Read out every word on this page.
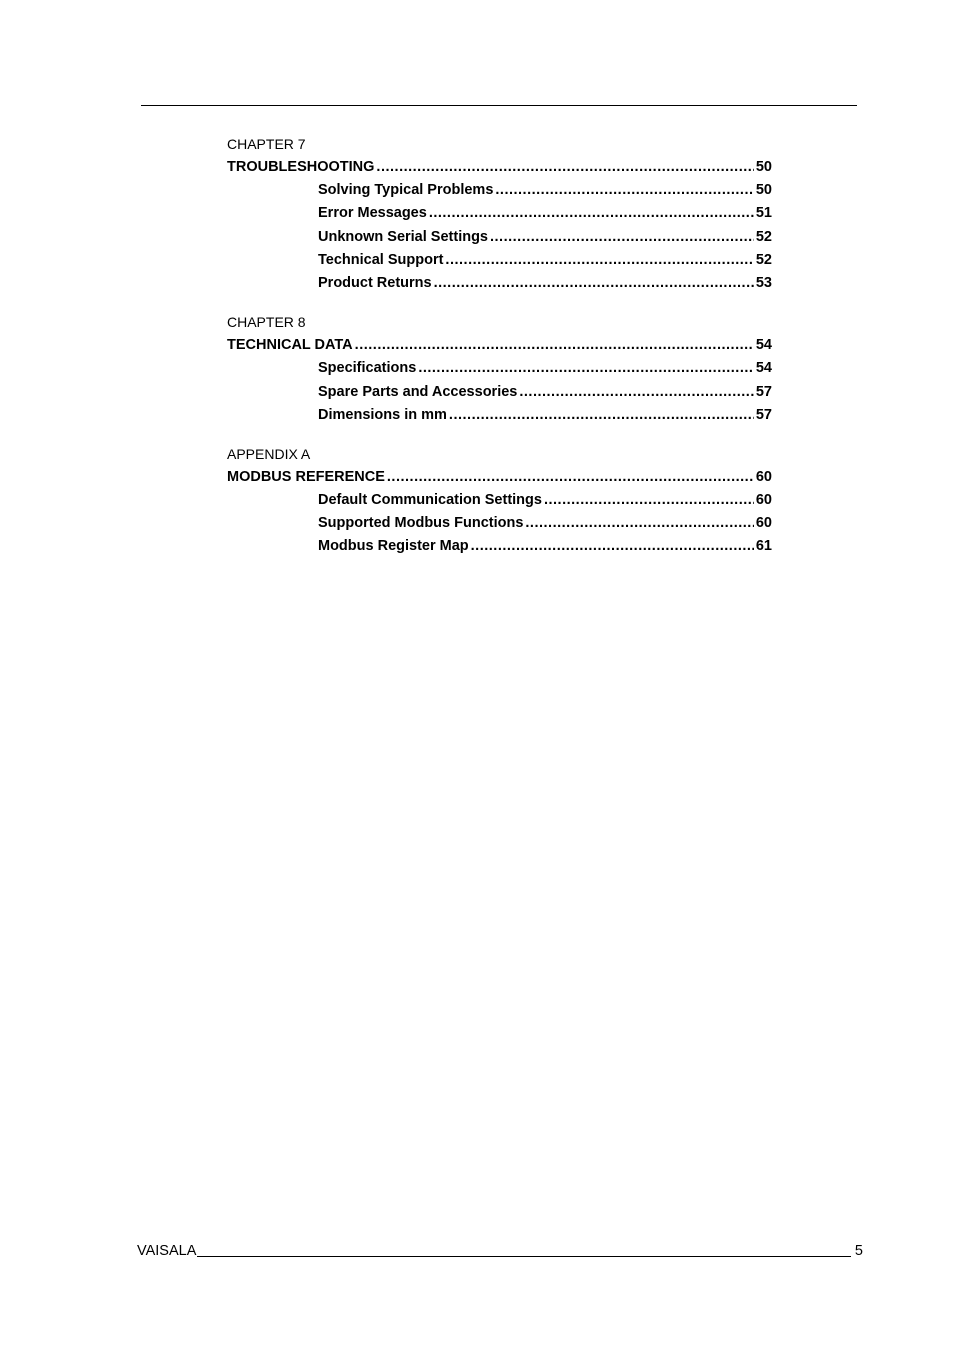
CHAPTER 7
TROUBLESHOOTING .....	50
Solving Typical Problems .....	50
Error Messages .....	51
Unknown Serial Settings .....	52
Technical Support .....	52
Product Returns .....	53
CHAPTER 8
TECHNICAL DATA .....	54
Specifications .....	54
Spare Parts and Accessories .....	57
Dimensions in mm .....	57
APPENDIX A
MODBUS REFERENCE .....	60
Default Communication Settings .....	60
Supported Modbus Functions .....	60
Modbus Register Map .....	61
VAISALA	5
